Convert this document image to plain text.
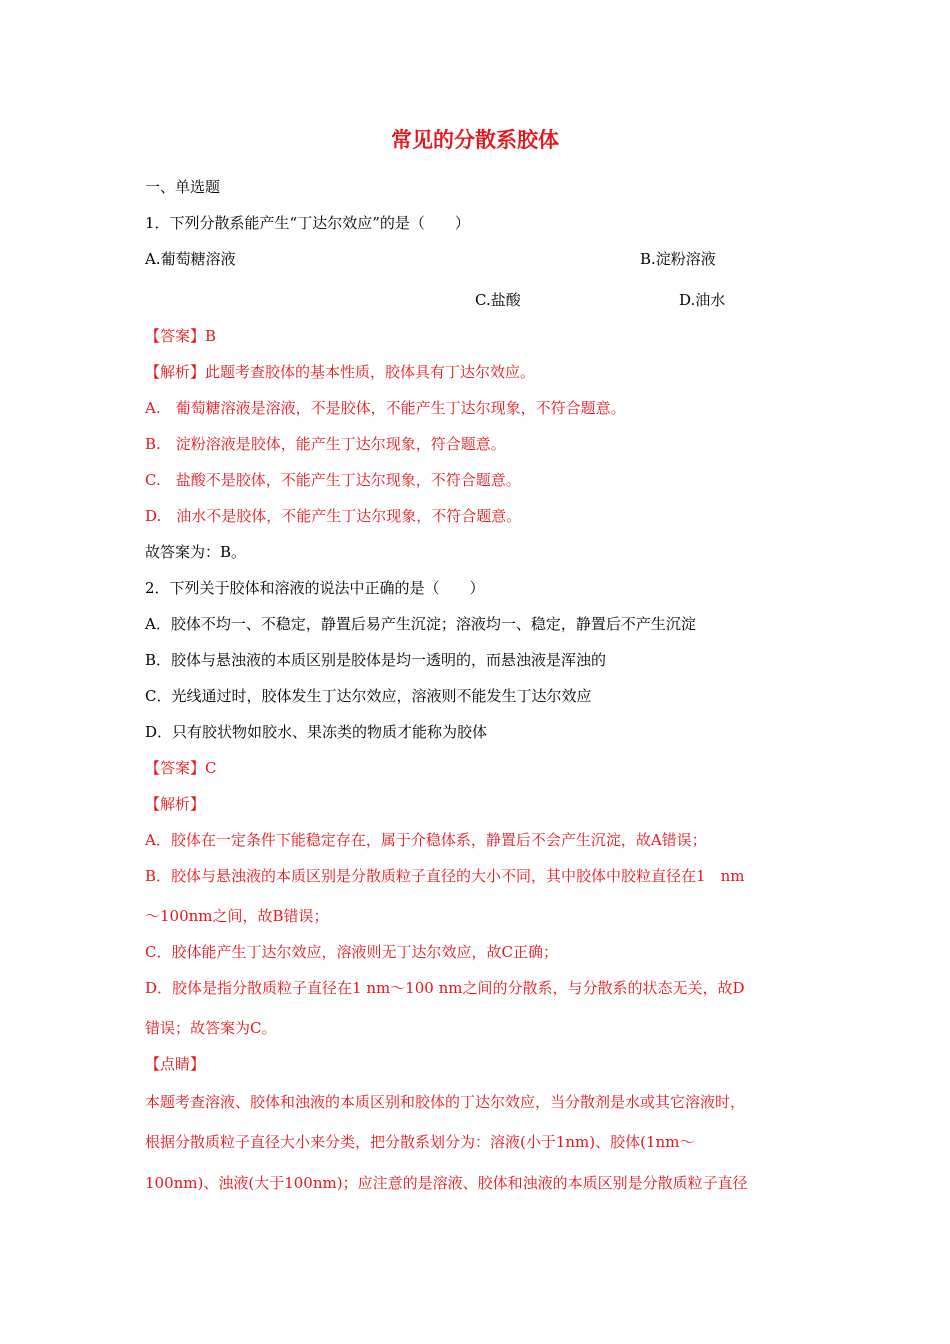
常见的分散系胶体
一、单选题
1．下列分散系能产生“丁达尔效应”的是（　　）
A.葡萄糖溶液	B.淀粉溶液
C.盐酸	D.油水
【答案】B
【解析】此题考查胶体的基本性质，胶体具有丁达尔效应。
A.　葡萄糖溶液是溶液，不是胶体，不能产生丁达尔现象，不符合题意。
B.　淀粉溶液是胶体，能产生丁达尔现象，符合题意。
C.　盐酸不是胶体，不能产生丁达尔现象，不符合题意。
D.　油水不是胶体，不能产生丁达尔现象，不符合题意。
故答案为：B。
2．下列关于胶体和溶液的说法中正确的是（　　）
A．胶体不均一、不稳定，静置后易产生沉淀；溶液均一、稳定，静置后不产生沉淀
B．胶体与悬浊液的本质区别是胶体是均一透明的，而悬浊液是浑浊的
C．光线通过时，胶体发生丁达尔效应，溶液则不能发生丁达尔效应
D．只有胶状物如胶水、果冻类的物质才能称为胶体
【答案】C
【解析】
A．胶体在一定条件下能稳定存在，属于介稳体系，静置后不会产生沉淀，故A错误；
B．胶体与悬浊液的本质区别是分散质粒子直径的大小不同，其中胶体中胶粒直径在1　nm
～100nm之间，故B错误；
C．胶体能产生丁达尔效应，溶液则无丁达尔效应，故C正确；
D．胶体是指分散质粒子直径在1 nm～100 nm之间的分散系，与分散系的状态无关，故D
错误；故答案为C。
【点睛】
本题考查溶液、胶体和浊液的本质区别和胶体的丁达尔效应，当分散剂是水或其它溶液时，
根据分散质粒子直径大小来分类，把分散系划分为：溶液(小于1nm)、胶体(1nm～
100nm)、浊液(大于100nm)；应注意的是溶液、胶体和浊液的本质区别是分散质粒子直径
